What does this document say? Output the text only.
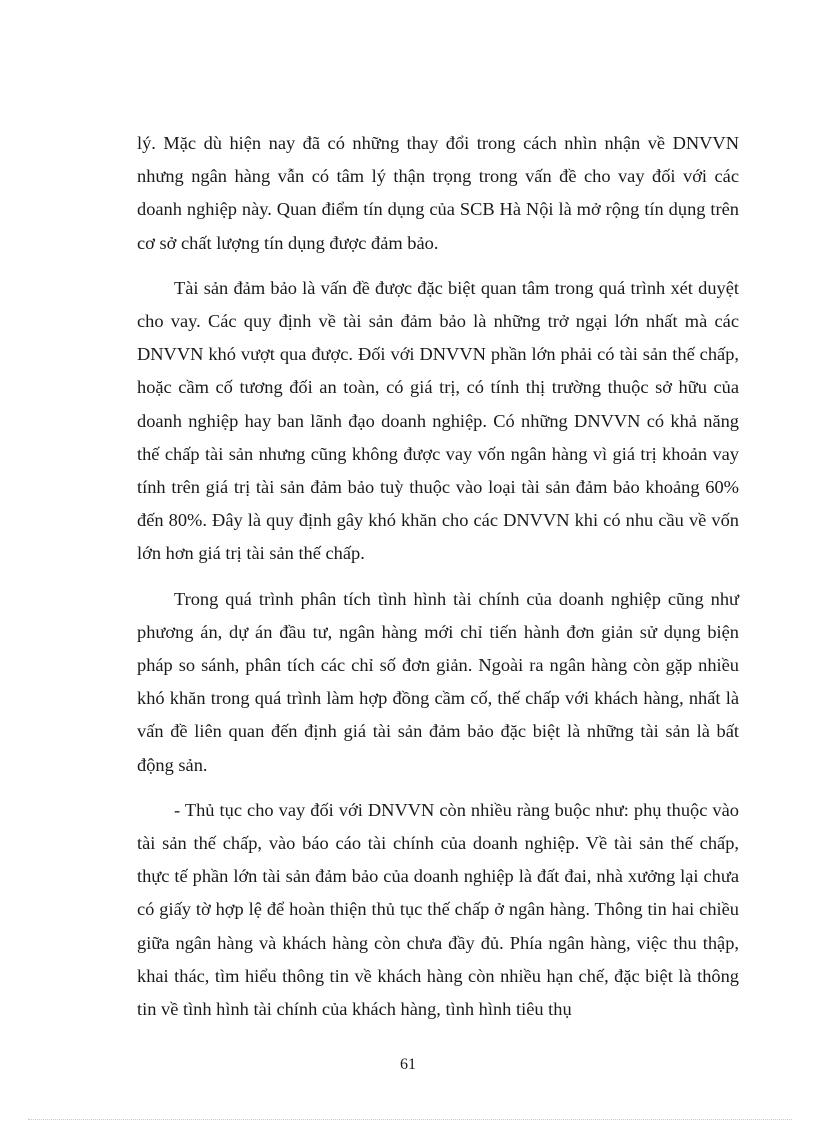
lý. Mặc dù hiện nay đã có những thay đổi trong cách nhìn nhận về DNVVN nhưng ngân hàng vẫn có tâm lý thận trọng trong vấn đề cho vay đối với các doanh nghiệp này. Quan điểm tín dụng của SCB Hà Nội là mở rộng tín dụng trên cơ sở chất lượng tín dụng được đảm bảo.

Tài sản đảm bảo là vấn đề được đặc biệt quan tâm trong quá trình xét duyệt cho vay. Các quy định về tài sản đảm bảo là những trở ngại lớn nhất mà các DNVVN khó vượt qua được. Đối với DNVVN phần lớn phải có tài sản thế chấp, hoặc cầm cố tương đối an toàn, có giá trị, có tính thị trường thuộc sở hữu của doanh nghiệp hay ban lãnh đạo doanh nghiệp. Có những DNVVN có khả năng thế chấp tài sản nhưng cũng không được vay vốn ngân hàng vì giá trị khoản vay tính trên giá trị tài sản đảm bảo tuỳ thuộc vào loại tài sản đảm bảo khoảng 60% đến 80%. Đây là quy định gây khó khăn cho các DNVVN khi có nhu cầu về vốn lớn hơn giá trị tài sản thế chấp.

Trong quá trình phân tích tình hình tài chính của doanh nghiệp cũng như phương án, dự án đầu tư, ngân hàng mới chỉ tiến hành đơn giản sử dụng biện pháp so sánh, phân tích các chỉ số đơn giản. Ngoài ra ngân hàng còn gặp nhiều khó khăn trong quá trình làm hợp đồng cầm cố, thế chấp với khách hàng, nhất là vấn đề liên quan đến định giá tài sản đảm bảo đặc biệt là những tài sản là bất động sản.

- Thủ tục cho vay đối với DNVVN còn nhiều ràng buộc như: phụ thuộc vào tài sản thế chấp, vào báo cáo tài chính của doanh nghiệp. Về tài sản thế chấp, thực tế phần lớn tài sản đảm bảo của doanh nghiệp là đất đai, nhà xưởng lại chưa có giấy tờ hợp lệ để hoàn thiện thủ tục thế chấp ở ngân hàng. Thông tin hai chiều giữa ngân hàng và khách hàng còn chưa đầy đủ. Phía ngân hàng, việc thu thập, khai thác, tìm hiểu thông tin về khách hàng còn nhiều hạn chế, đặc biệt là thông tin về tình hình tài chính của khách hàng, tình hình tiêu thụ

61
